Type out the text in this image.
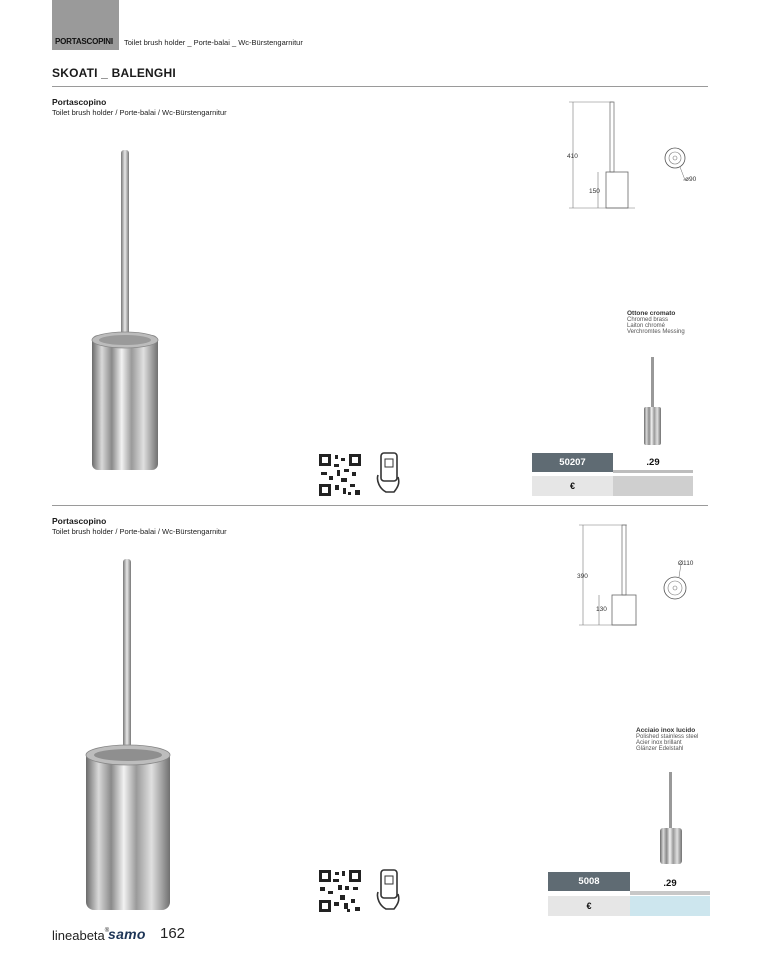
PORTASCOPINI Toilet brush holder _ Porte-balai _ Wc-Bürstengarnitur
SKOATI _ BALENGHI
Portascopino
Toilet brush holder / Porte-balai / Wc-Bürstengarnitur
410
150
ø90
Ottone cromato
Chromed brass
Laiton chromé
Verchromtes Messing
50207	.29
€
Portascopino
Toilet brush holder / Porte-balai / Wc-Bürstengarnitur
390
130
Ø110
Acciaio inox lucido
Polished stainless steel
Acier inox brillant
Glänzer Edelstahl
5008	.29
€
lineabeta®
samo 162
